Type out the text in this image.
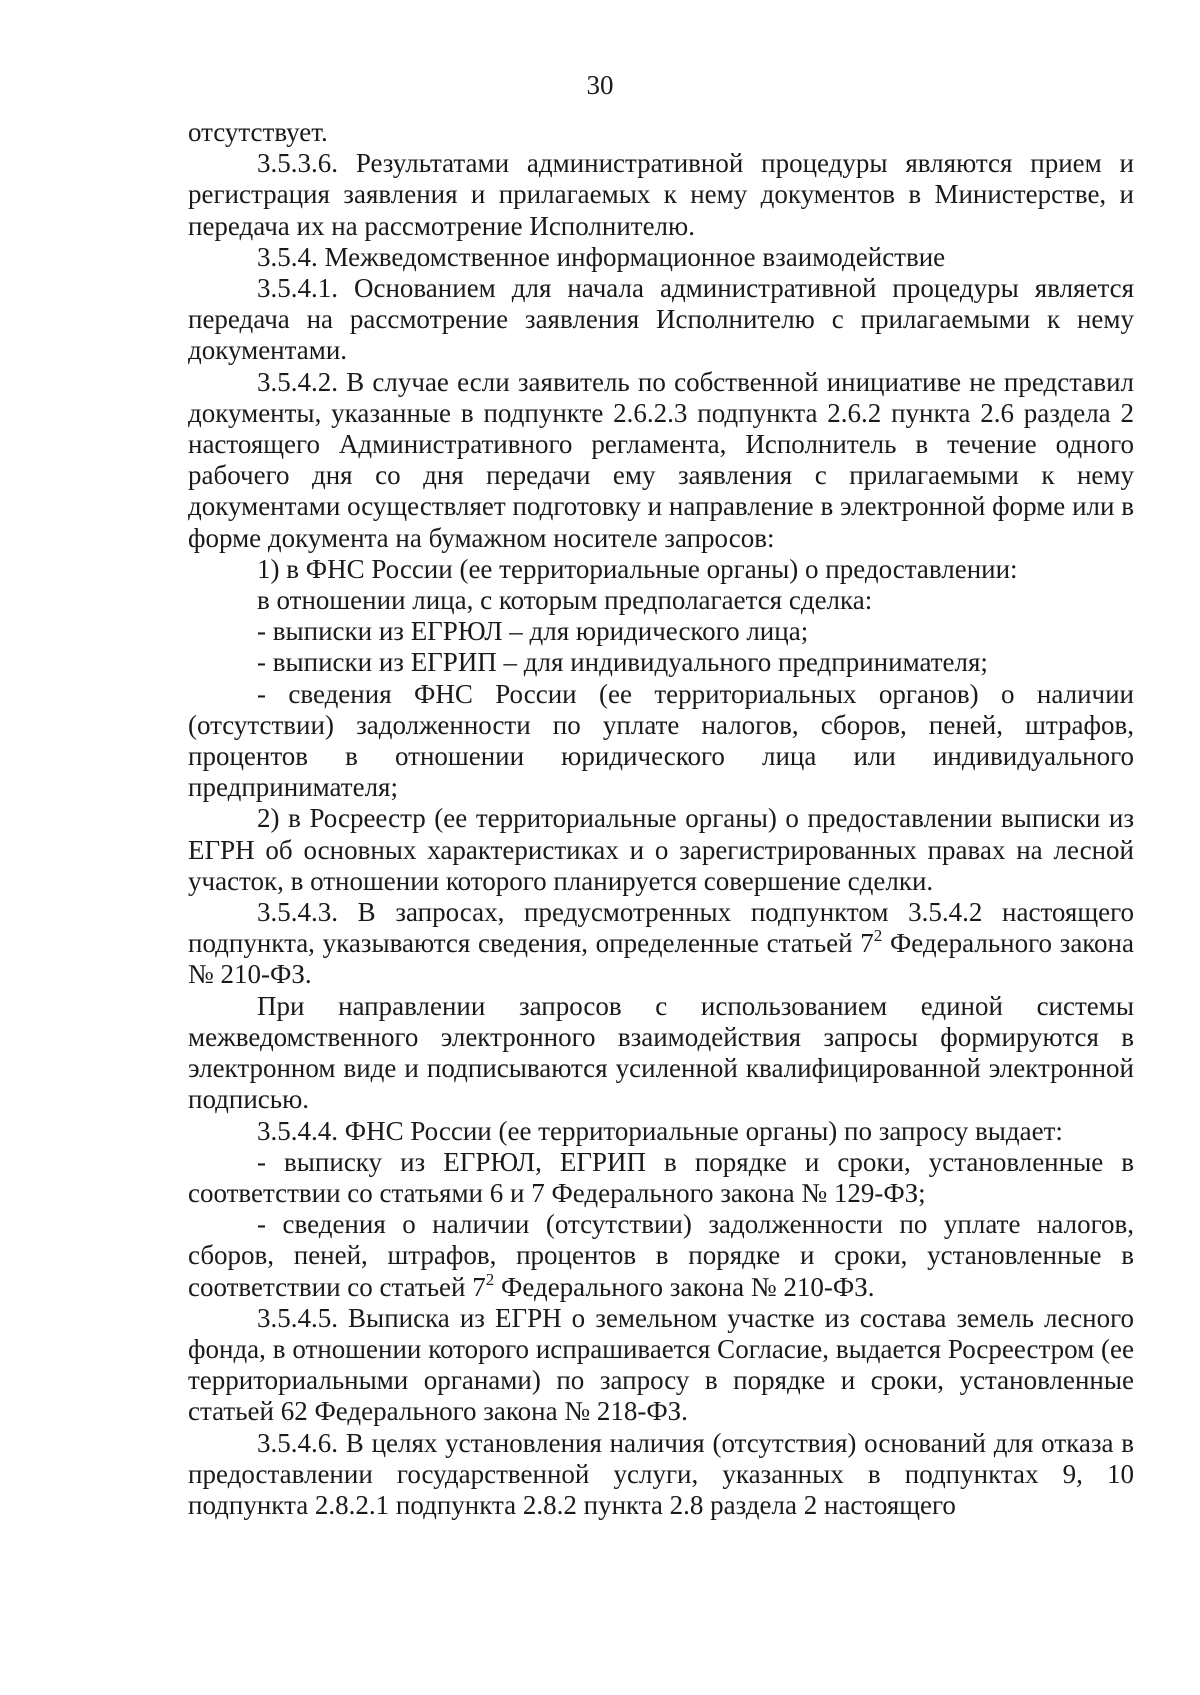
30

отсутствует.

3.5.3.6. Результатами административной процедуры являются прием и регистрация заявления и прилагаемых к нему документов в Министерстве, и передача их на рассмотрение Исполнителю.

3.5.4. Межведомственное информационное взаимодействие

3.5.4.1. Основанием для начала административной процедуры является передача на рассмотрение заявления Исполнителю с прилагаемыми к нему документами.

3.5.4.2. В случае если заявитель по собственной инициативе не представил документы, указанные в подпункте 2.6.2.3 подпункта 2.6.2 пункта 2.6 раздела 2 настоящего Административного регламента, Исполнитель в течение одного рабочего дня со дня передачи ему заявления с прилагаемыми к нему документами осуществляет подготовку и направление в электронной форме или в форме документа на бумажном носителе запросов:

1) в ФНС России (ее территориальные органы) о предоставлении:

в отношении лица, с которым предполагается сделка:

- выписки из ЕГРЮЛ – для юридического лица;

- выписки из ЕГРИП – для индивидуального предпринимателя;

- сведения ФНС России (ее территориальных органов) о наличии (отсутствии) задолженности по уплате налогов, сборов, пеней, штрафов, процентов в отношении юридического лица или индивидуального предпринимателя;

2) в Росреестр (ее территориальные органы) о предоставлении выписки из ЕГРН об основных характеристиках и о зарегистрированных правах на лесной участок, в отношении которого планируется совершение сделки.

3.5.4.3. В запросах, предусмотренных подпунктом 3.5.4.2 настоящего подпункта, указываются сведения, определенные статьей $7^2$ Федерального закона № 210-ФЗ.

При направлении запросов с использованием единой системы межведомственного электронного взаимодействия запросы формируются в электронном виде и подписываются усиленной квалифицированной электронной подписью.

3.5.4.4. ФНС России (ее территориальные органы) по запросу выдает:

- выписку из ЕГРЮЛ, ЕГРИП в порядке и сроки, установленные в соответствии со статьями 6 и 7 Федерального закона № 129-ФЗ;

- сведения о наличии (отсутствии) задолженности по уплате налогов, сборов, пеней, штрафов, процентов в порядке и сроки, установленные в соответствии со статьей $7^2$ Федерального закона № 210-ФЗ.

3.5.4.5. Выписка из ЕГРН о земельном участке из состава земель лесного фонда, в отношении которого испрашивается Согласие, выдается Росреестром (ее территориальными органами) по запросу в порядке и сроки, установленные статьей 62 Федерального закона № 218-ФЗ.

3.5.4.6. В целях установления наличия (отсутствия) оснований для отказа в предоставлении государственной услуги, указанных в подпунктах 9, 10 подпункта 2.8.2.1 подпункта 2.8.2 пункта 2.8 раздела 2 настоящего
